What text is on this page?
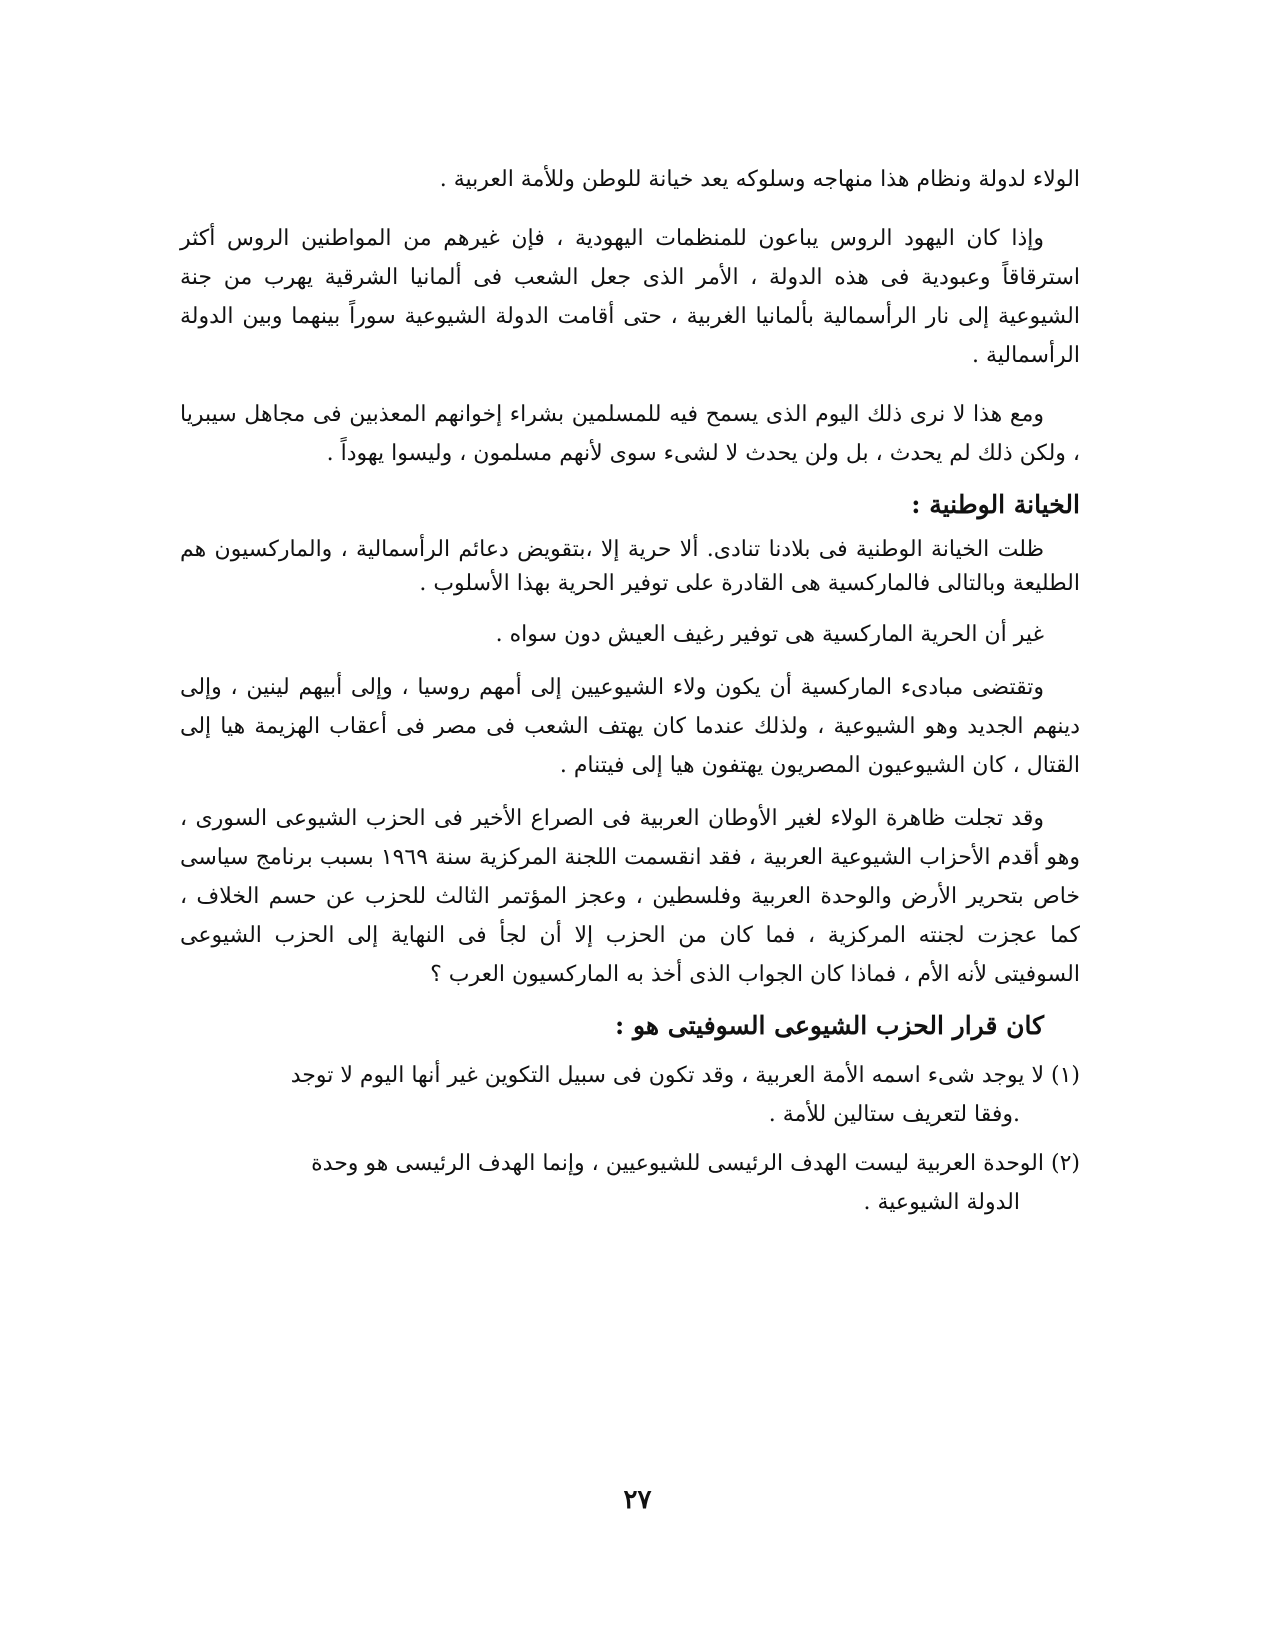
الولاء لدولة ونظام هذا منهاجه وسلوكه يعد خيانة للوطن وللأمة العربية .

وإذا كان اليهود الروس يباعون للمنظمات اليهودية ، فإن غيرهم من المواطنين الروس أكثر استرقاقاً وعبودية فى هذه الدولة ، الأمر الذى جعل الشعب فى ألمانيا الشرقية يهرب من جنة الشيوعية إلى نار الرأسمالية بألمانيا الغربية ، حتى أقامت الدولة الشيوعية سوراً بينهما وبين الدولة الرأسمالية .

ومع هذا لا نرى ذلك اليوم الذى يسمح فيه للمسلمين بشراء إخوانهم المعذبين فى مجاهل سيبريا ، ولكن ذلك لم يحدث ، بل ولن يحدث لا لشىء سوى لأنهم مسلمون ، وليسوا يهوداً .

الخيانة الوطنية :

ظلت الخيانة الوطنية فى بلادنا تنادى. ألا حرية إلا ،بتقويض دعائم الرأسمالية ، والماركسيون هم الطليعة وبالتالى فالماركسية هى القادرة على توفير الحرية بهذا الأسلوب .

غير أن الحرية الماركسية هى توفير رغيف العيش دون سواه .

وتقتضى مبادىء الماركسية أن يكون ولاء الشيوعيين إلى أمهم روسيا ، وإلى أبيهم لينين ، وإلى دينهم الجديد وهو الشيوعية ، ولذلك عندما كان يهتف الشعب فى مصر فى أعقاب الهزيمة هيا إلى القتال ، كان الشيوعيون المصريون يهتفون هيا إلى فيتنام .

وقد تجلت ظاهرة الولاء لغير الأوطان العربية فى الصراع الأخير فى الحزب الشيوعى السورى ، وهو أقدم الأحزاب الشيوعية العربية ، فقد انقسمت اللجنة المركزية سنة ١٩٦٩ بسبب برنامج سياسى خاص بتحرير الأرض والوحدة العربية وفلسطين ، وعجز المؤتمر الثالث للحزب عن حسم الخلاف ، كما عجزت لجنته المركزية ، فما كان من الحزب إلا أن لجأ فى النهاية إلى الحزب الشيوعى السوفيتى لأنه الأم ، فماذا كان الجواب الذى أخذ به الماركسيون العرب ؟

كان قرار الحزب الشيوعى السوفيتى هو :

(١) لا يوجد شىء اسمه الأمة العربية ، وقد تكون فى سبيل التكوين غير أنها اليوم لا توجد
.وفقا لتعريف ستالين للأمة .

(٢) الوحدة العربية ليست الهدف الرئيسى للشيوعيين ، وإنما الهدف الرئيسى هو وحدة
الدولة الشيوعية .

٢٧
